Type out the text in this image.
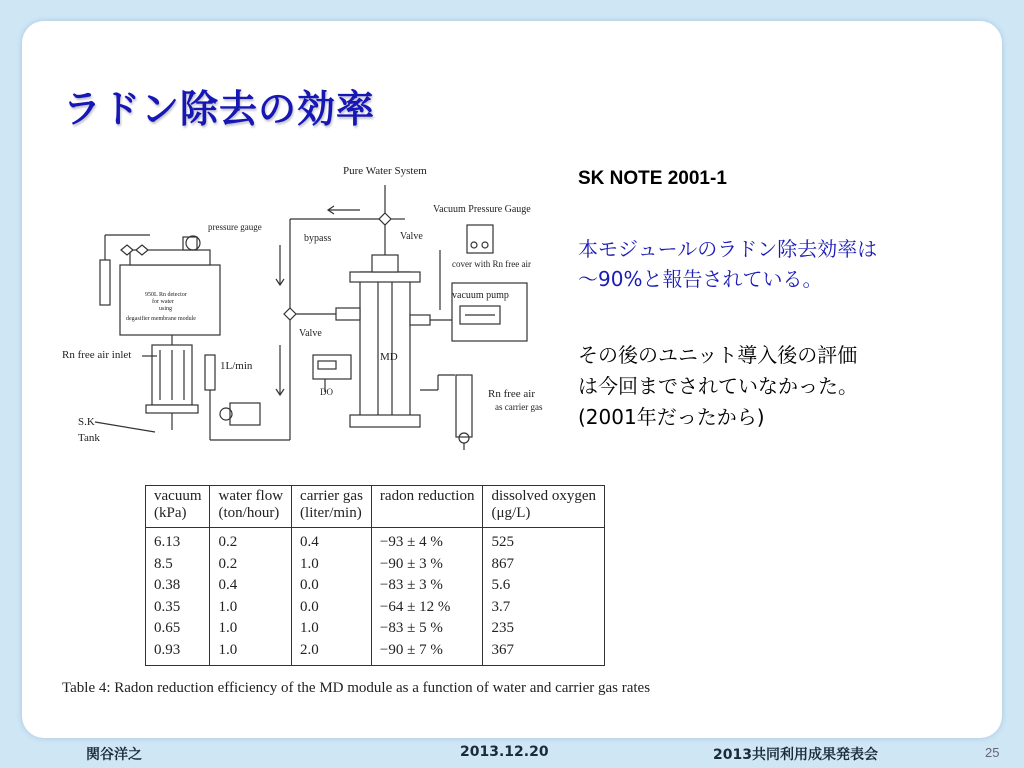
ラドン除去の効率
Pure Water System
Vacuum Pressure Gauge
pressure gauge
bypass	Valve
cover with Rn free air
vacuum pump
950L Rn detector
for water
using
degasifier membrane module
Valve
MD
Rn free air inlet
1L/min
DO	Rn free air
as carrier gas
S.K
Tank
SK NOTE 2001-1
本モジュールのラドン除去効率は
～90%と報告されている。
その後のユニット導入後の評価
は今回までされていなかった。
(2001年だったから)
vacuum	water flow	carrier gas	radon reduction	dissolved oxygen
(kPa)	(ton/hour)	(liter/min)		(μg/L)
6.13	0.2	0.4	−93 ± 4 %	525
8.5	0.2	1.0	−90 ± 3 %	867
0.38	0.4	0.0	−83 ± 3 %	5.6
0.35	1.0	0.0	−64 ± 12 %	3.7
0.65	1.0	1.0	−83 ± 5 %	235
0.93	1.0	2.0	−90 ± 7 %	367
Table 4: Radon reduction efficiency of the MD module as a function of water and carrier gas rates
関谷洋之	2013.12.20	2013共同利用成果発表会	25
